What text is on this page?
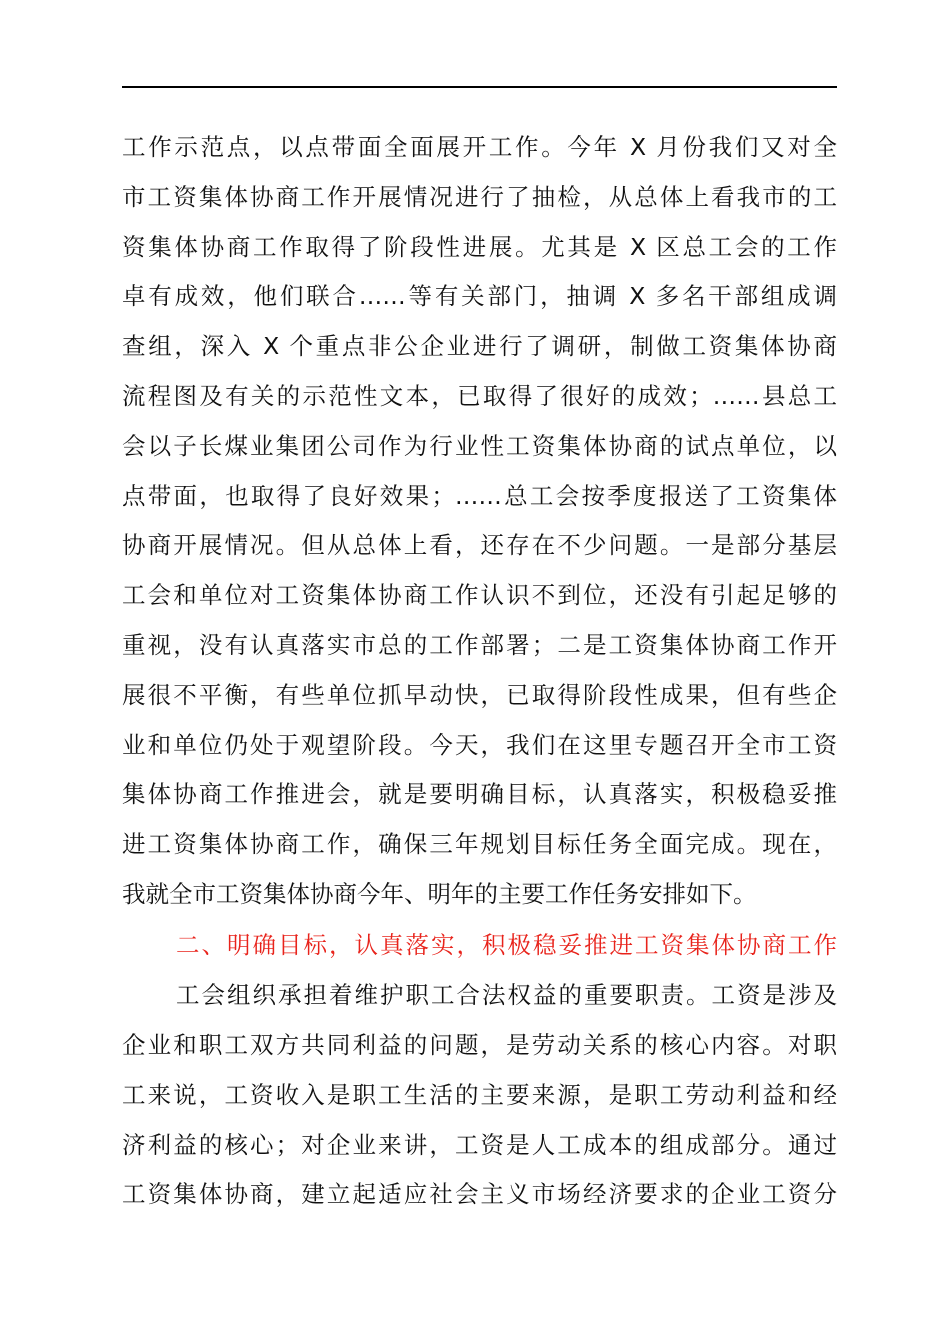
工作示范点，以点带面全面展开工作。今年 X 月份我们又对全
市工资集体协商工作开展情况进行了抽检，从总体上看我市的工
资集体协商工作取得了阶段性进展。尤其是 X 区总工会的工作
卓有成效，他们联合……等有关部门，抽调 X 多名干部组成调
查组，深入 X 个重点非公企业进行了调研，制做工资集体协商
流程图及有关的示范性文本，已取得了很好的成效；……县总工
会以子长煤业集团公司作为行业性工资集体协商的试点单位，以
点带面，也取得了良好效果；……总工会按季度报送了工资集体
协商开展情况。但从总体上看，还存在不少问题。一是部分基层
工会和单位对工资集体协商工作认识不到位，还没有引起足够的
重视，没有认真落实市总的工作部署；二是工资集体协商工作开
展很不平衡，有些单位抓早动快，已取得阶段性成果，但有些企
业和单位仍处于观望阶段。今天，我们在这里专题召开全市工资
集体协商工作推进会，就是要明确目标，认真落实，积极稳妥推
进工资集体协商工作，确保三年规划目标任务全面完成。现在，
我就全市工资集体协商今年、明年的主要工作任务安排如下。
二、明确目标，认真落实，积极稳妥推进工资集体协商工作
工会组织承担着维护职工合法权益的重要职责。工资是涉及
企业和职工双方共同利益的问题，是劳动关系的核心内容。对职
工来说，工资收入是职工生活的主要来源，是职工劳动利益和经
济利益的核心；对企业来讲，工资是人工成本的组成部分。通过
工资集体协商，建立起适应社会主义市场经济要求的企业工资分
